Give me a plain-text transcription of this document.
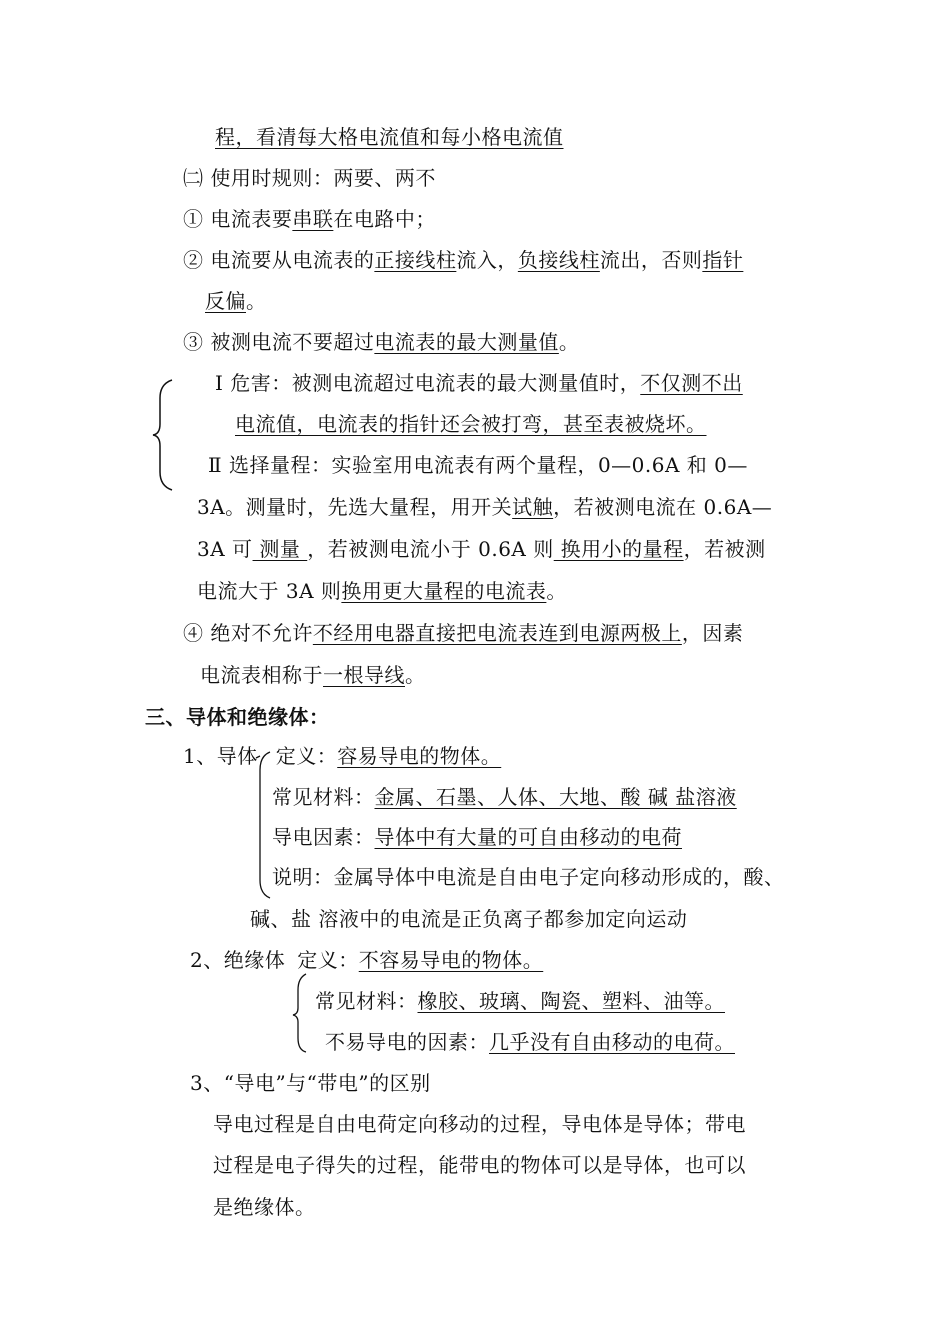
程，看清每大格电流值和每小格电流值
㈡ 使用时规则：两要、两不
① 电流表要串联在电路中；
② 电流要从电流表的正接线柱流入，负接线柱流出，否则指针
反偏。
③ 被测电流不要超过电流表的最大测量值。
Ⅰ 危害：被测电流超过电流表的最大测量值时，不仅测不出
电流值，电流表的指针还会被打弯，甚至表被烧坏。
Ⅱ 选择量程：实验室用电流表有两个量程，0—0.6A 和 0—
3A。测量时，先选大量程，用开关试触，若被测电流在 0.6A—
3A 可 测量 ，若被测电流小于 0.6A 则 换用小的量程，若被测
电流大于 3A 则换用更大量程的电流表。
④ 绝对不允许不经用电器直接把电流表连到电源两极上，因素
电流表相称于一根导线。
三、导体和绝缘体：
1、导体 定义：容易导电的物体。
常见材料：金属、石墨、人体、大地、酸 碱 盐溶液
导电因素：导体中有大量的可自由移动的电荷
说明：金属导体中电流是自由电子定向移动形成的，酸、
碱、盐 溶液中的电流是正负离子都参加定向运动
2、绝缘体 定义：不容易导电的物体。
常见材料：橡胶、玻璃、陶瓷、塑料、油等。
不易导电的因素：几乎没有自由移动的电荷。
3、“导电”与“带电”的区别
导电过程是自由电荷定向移动的过程，导电体是导体；带电
过程是电子得失的过程，能带电的物体可以是导体，也可以
是绝缘体。
